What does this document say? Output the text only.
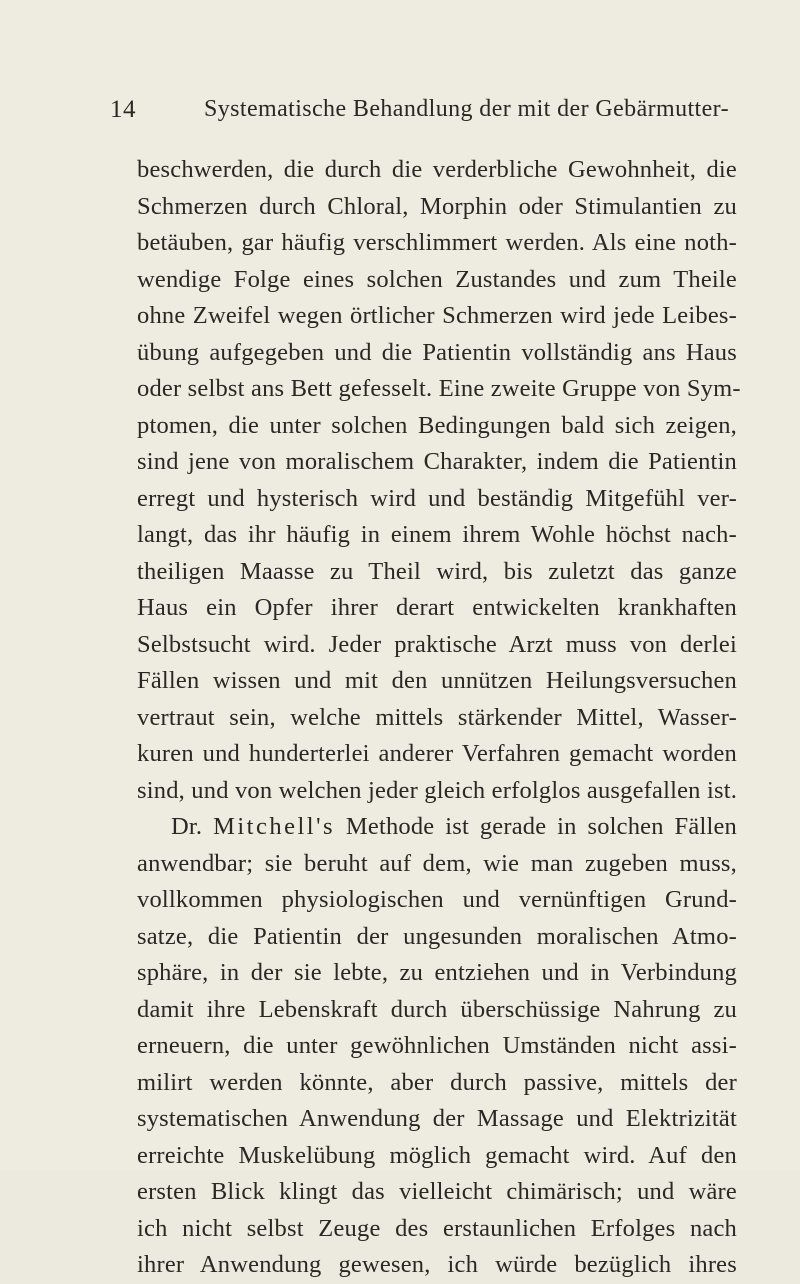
14	Systematische Behandlung der mit der Gebärmutter-
beschwerden, die durch die verderbliche Gewohnheit, die
Schmerzen durch Chloral, Morphin oder Stimulantien zu
betäuben, gar häufig verschlimmert werden. Als eine noth-
wendige Folge eines solchen Zustandes und zum Theile
ohne Zweifel wegen örtlicher Schmerzen wird jede Leibes-
übung aufgegeben und die Patientin vollständig ans Haus
oder selbst ans Bett gefesselt. Eine zweite Gruppe von Sym-
ptomen, die unter solchen Bedingungen bald sich zeigen,
sind jene von moralischem Charakter, indem die Patientin
erregt und hysterisch wird und beständig Mitgefühl ver-
langt, das ihr häufig in einem ihrem Wohle höchst nach-
theiligen Maasse zu Theil wird, bis zuletzt das ganze
Haus ein Opfer ihrer derart entwickelten krankhaften
Selbstsucht wird. Jeder praktische Arzt muss von derlei
Fällen wissen und mit den unnützen Heilungsversuchen
vertraut sein, welche mittels stärkender Mittel, Wasser-
kuren und hunderterlei anderer Verfahren gemacht worden
sind, und von welchen jeder gleich erfolglos ausgefallen ist.
Dr. Mitchell's Methode ist gerade in solchen Fällen
anwendbar; sie beruht auf dem, wie man zugeben muss,
vollkommen physiologischen und vernünftigen Grund-
satze, die Patientin der ungesunden moralischen Atmo-
sphäre, in der sie lebte, zu entziehen und in Verbindung
damit ihre Lebenskraft durch überschüssige Nahrung zu
erneuern, die unter gewöhnlichen Umständen nicht assi-
milirt werden könnte, aber durch passive, mittels der
systematischen Anwendung der Massage und Elektrizität
erreichte Muskelübung möglich gemacht wird. Auf den
ersten Blick klingt das vielleicht chimärisch; und wäre
ich nicht selbst Zeuge des erstaunlichen Erfolges nach
ihrer Anwendung gewesen, ich würde bezüglich ihres
